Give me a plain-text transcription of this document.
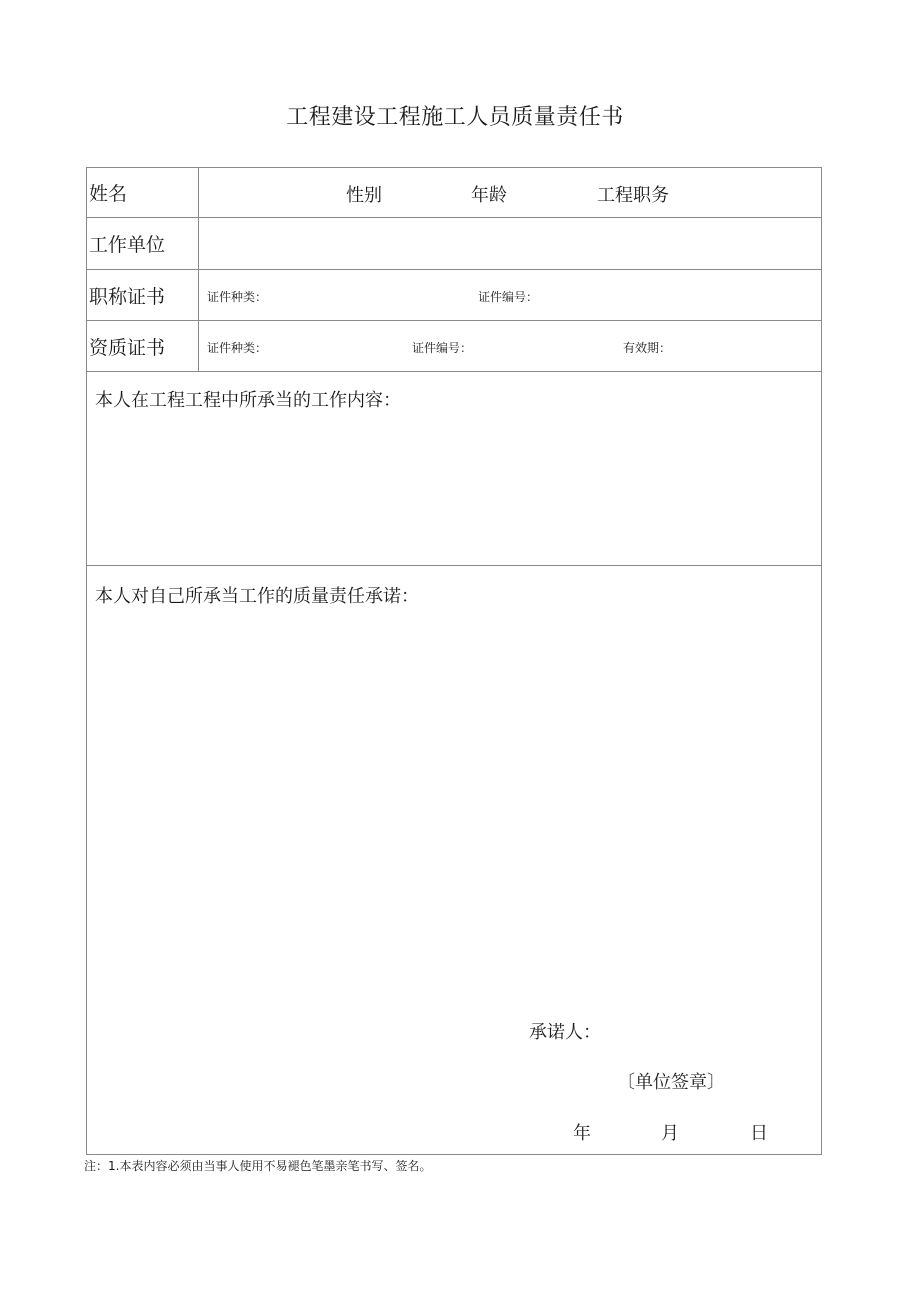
工程建设工程施工人员质量责任书
姓名	性别	年龄	工程职务
工作单位
职称证书	证件种类：	证件编号：
资质证书	证件种类：	证件编号：	有效期：
本人在工程工程中所承当的工作内容：
本人对自己所承当工作的质量责任承诺：
承诺人：
〔单位签章〕
年	月	日
注：1.本表内容必须由当事人使用不易褪色笔墨亲笔书写、签名。
